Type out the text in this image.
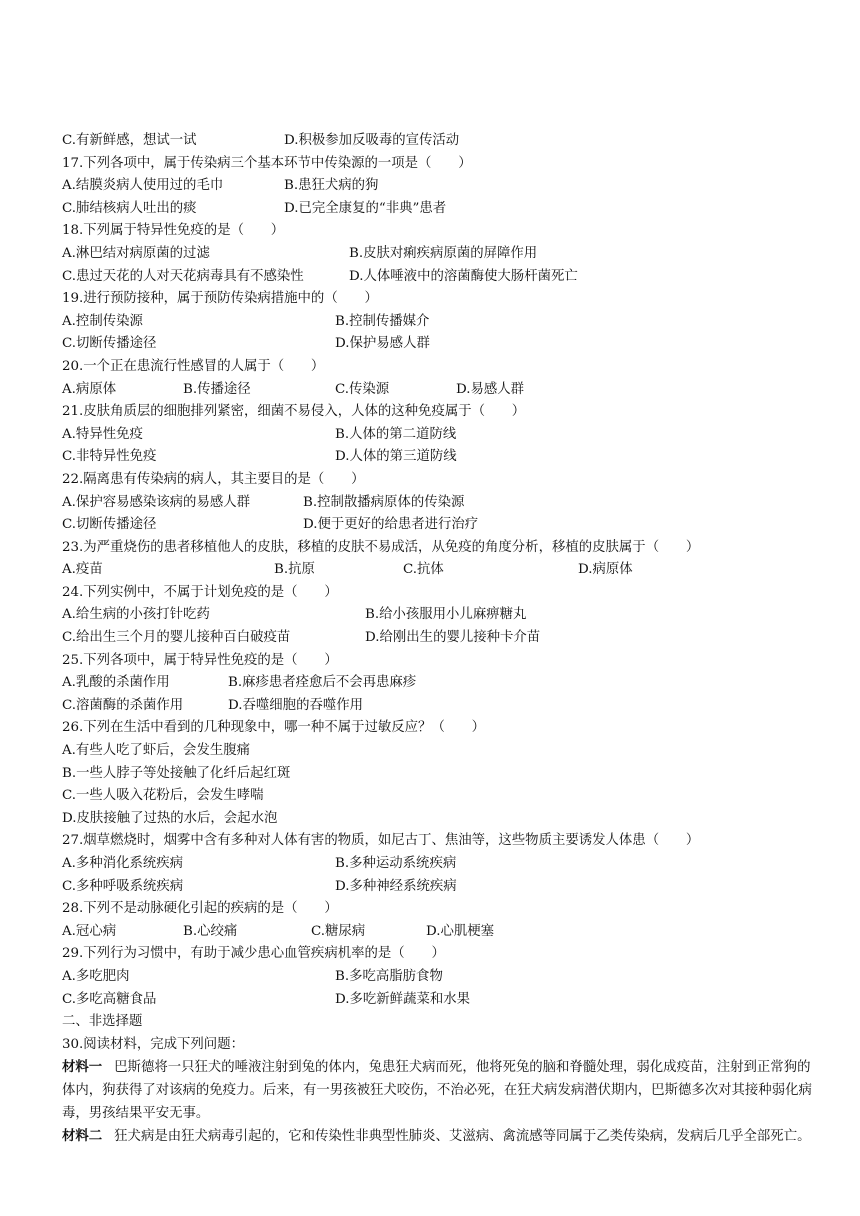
C.有新鲜感，想试一试	D.积极参加反吸毒的宣传活动
17.下列各项中，属于传染病三个基本环节中传染源的一项是（　　）
A.结膜炎病人使用过的毛巾	B.患狂犬病的狗
C.肺结核病人吐出的痰	D.已完全康复的“非典”患者
18.下列属于特异性免疫的是（　　）
A.淋巴结对病原菌的过滤	B.皮肤对痢疾病原菌的屏障作用
C.患过天花的人对天花病毒具有不感染性	D.人体唾液中的溶菌酶使大肠杆菌死亡
19.进行预防接种，属于预防传染病措施中的（　　）
A.控制传染源	B.控制传播媒介
C.切断传播途径	D.保护易感人群
20.一个正在患流行性感冒的人属于（　　）
A.病原体	B.传播途径	C.传染源	D.易感人群
21.皮肤角质层的细胞排列紧密，细菌不易侵入，人体的这种免疫属于（　　）
A.特异性免疫	B.人体的第二道防线
C.非特异性免疫	D.人体的第三道防线
22.隔离患有传染病的病人，其主要目的是（　　）
A.保护容易感染该病的易感人群	B.控制散播病原体的传染源
C.切断传播途径	D.便于更好的给患者进行治疗
23.为严重烧伤的患者移植他人的皮肤，移植的皮肤不易成活，从免疫的角度分析，移植的皮肤属于（　　）
A.疫苗	B.抗原	C.抗体	D.病原体
24.下列实例中，不属于计划免疫的是（　　）
A.给生病的小孩打针吃药	B.给小孩服用小儿麻痹糖丸
C.给出生三个月的婴儿接种百白破疫苗	D.给刚出生的婴儿接种卡介苗
25.下列各项中，属于特异性免疫的是（　　）
A.乳酸的杀菌作用	B.麻疹患者痊愈后不会再患麻疹
C.溶菌酶的杀菌作用	D.吞噬细胞的吞噬作用
26.下列在生活中看到的几种现象中，哪一种不属于过敏反应？（　　）
A.有些人吃了虾后，会发生腹痛
B.一些人脖子等处接触了化纤后起红斑
C.一些人吸入花粉后，会发生哮喘
D.皮肤接触了过热的水后，会起水泡
27.烟草燃烧时，烟雾中含有多种对人体有害的物质，如尼古丁、焦油等，这些物质主要诱发人体患（　　）
A.多种消化系统疾病	B.多种运动系统疾病
C.多种呼吸系统疾病	D.多种神经系统疾病
28.下列不是动脉硬化引起的疾病的是（　　）
A.冠心病	B.心绞痛	C.糖尿病	D.心肌梗塞
29.下列行为习惯中，有助于减少患心血管疾病机率的是（　　）
A.多吃肥肉	B.多吃高脂肪食物
C.多吃高糖食品	D.多吃新鲜蔬菜和水果
二、非选择题
30.阅读材料，完成下列问题：
材料一 巴斯德将一只狂犬的唾液注射到兔的体内，兔患狂犬病而死，他将死兔的脑和脊髓处理，弱化成疫苗，注射到正常狗的体内，狗获得了对该病的免疫力。后来，有一男孩被狂犬咬伤，不治必死，在狂犬病发病潜伏期内，巴斯德多次对其接种弱化病毒，男孩结果平安无事。
材料二 狂犬病是由狂犬病毒引起的，它和传染性非典型性肺炎、艾滋病、禽流感等同属于乙类传染病，发病后几乎全部死亡。
